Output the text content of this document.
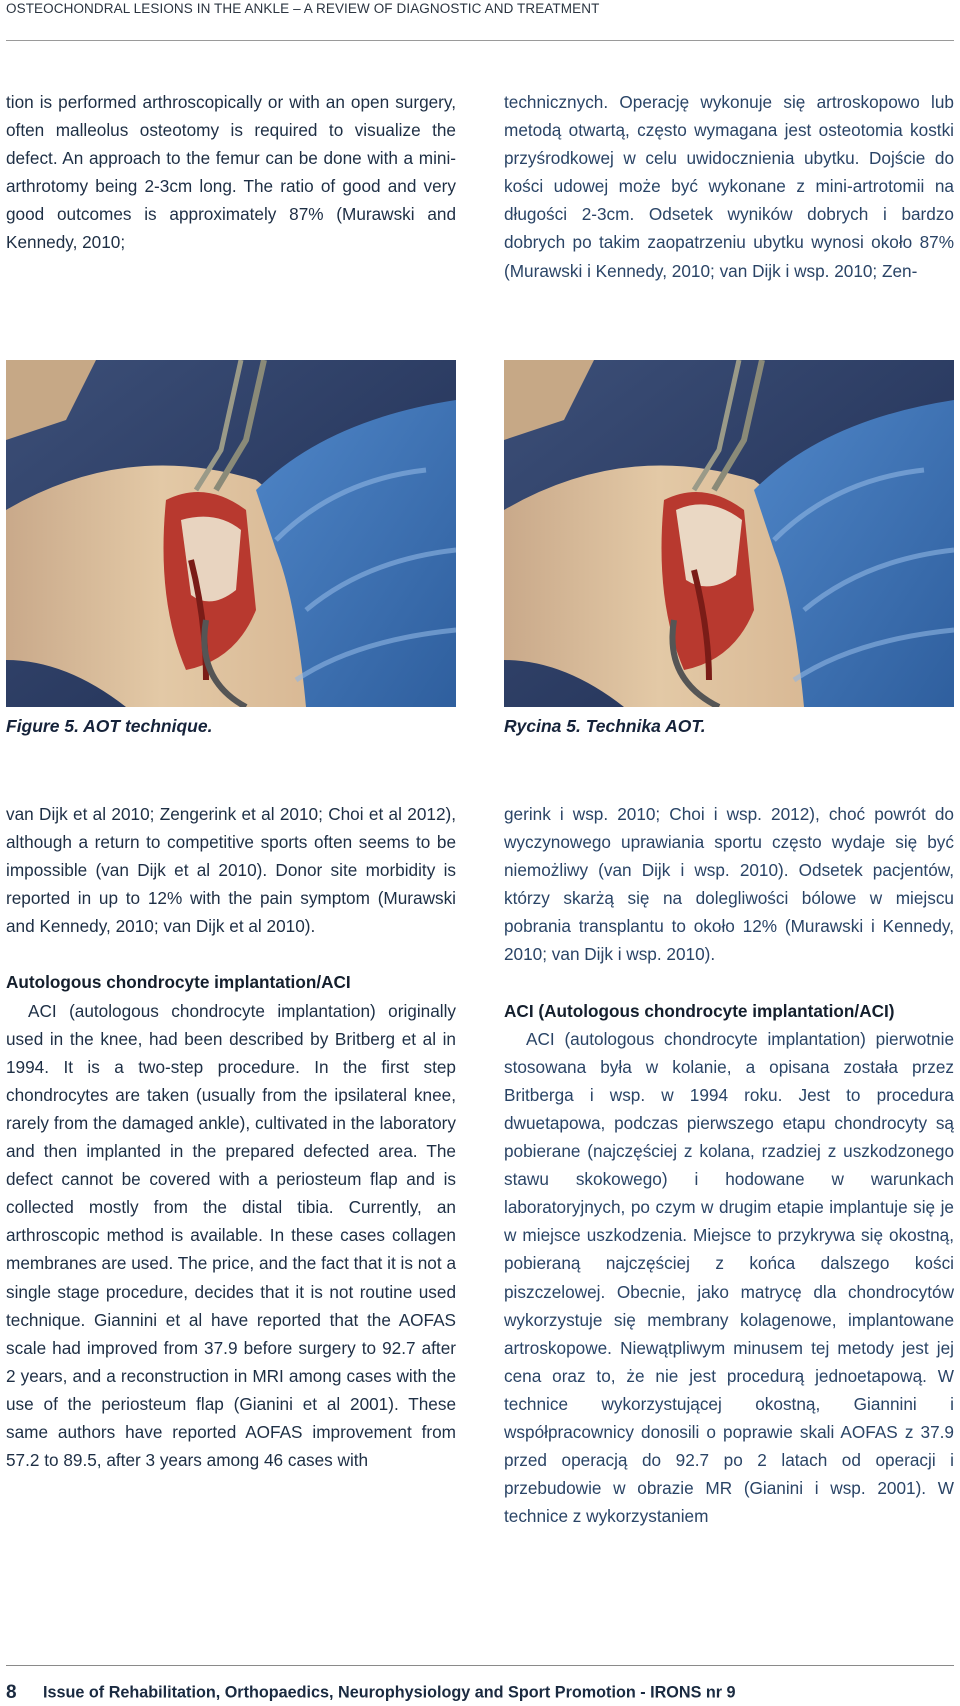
OSTEOCHONDRAL LESIONS IN THE ANKLE – A REVIEW OF DIAGNOSTIC AND TREATMENT

tion is performed arthroscopically or with an open surgery, often malleolus osteotomy is required to visualize the defect. An approach to the femur can be done with a mini-arthrotomy being 2-3cm long. The ratio of good and very good outcomes is approximately 87% (Murawski and Kennedy, 2010;

technicznych. Operację wykonuje się artroskopowo lub metodą otwartą, często wymagana jest osteotomia kostki przyśrodkowej w celu uwidocznienia ubytku. Dojście do kości udowej może być wykonane z mini-artrotomii na długości 2-3cm. Odsetek wyników dobrych i bardzo dobrych po takim zaopatrzeniu ubytku wynosi około 87% (Murawski i Kennedy, 2010; van Dijk i wsp. 2010; Zen-

Figure 5. AOT technique.	Rycina 5. Technika AOT.

van Dijk et al 2010; Zengerink et al 2010; Choi et al 2012), although a return to competitive sports often seems to be impossible (van Dijk et al 2010). Donor site morbidity is reported in up to 12% with the pain symptom (Murawski and Kennedy, 2010; van Dijk et al 2010).

Autologous chondrocyte implantation/ACI

ACI (autologous chondrocyte implantation) originally used in the knee, had been described by Britberg et al in 1994. It is a two-step procedure. In the first step chondrocytes are taken (usually from the ipsilateral knee, rarely from the damaged ankle), cultivated in the laboratory and then implanted in the prepared defected area. The defect cannot be covered with a periosteum flap and is collected mostly from the distal tibia. Currently, an arthroscopic method is available. In these cases collagen membranes are used. The price, and the fact that it is not a single stage procedure, decides that it is not routine used technique. Giannini et al have reported that the AOFAS scale had improved from 37.9 before surgery to 92.7 after 2 years, and a reconstruction in MRI among cases with the use of the periosteum flap (Gianini et al 2001). These same authors have reported AOFAS improvement from 57.2 to 89.5, after 3 years among 46 cases with

gerink i wsp. 2010; Choi i wsp. 2012), choć powrót do wyczynowego uprawiania sportu często wydaje się być niemożliwy (van Dijk i wsp. 2010). Odsetek pacjentów, którzy skarżą się na dolegliwości bólowe w miejscu pobrania transplantu to około 12% (Murawski i Kennedy, 2010; van Dijk i wsp. 2010).

ACI (Autologous chondrocyte implantation/ACI)

ACI (autologous chondrocyte implantation) pierwotnie stosowana była w kolanie, a opisana została przez Britberga i wsp. w 1994 roku. Jest to procedura dwuetapowa, podczas pierwszego etapu chondrocyty są pobierane (najczęściej z kolana, rzadziej z uszkodzonego stawu skokowego) i hodowane w warunkach laboratoryjnych, po czym w drugim etapie implantuje się je w miejsce uszkodzenia. Miejsce to przykrywa się okostną, pobieraną najczęściej z końca dalszego kości piszczelowej. Obecnie, jako matrycę dla chondrocytów wykorzystuje się membrany kolagenowe, implantowane artroskopowe. Niewątpliwym minusem tej metody jest jej cena oraz to, że nie jest procedurą jednoetapową. W technice wykorzystującej okostną, Giannini i współpracownicy donosili o poprawie skali AOFAS z 37.9 przed operacją do 92.7 po 2 latach od operacji i przebudowie w obrazie MR (Gianini i wsp. 2001). W technice z wykorzystaniem

8 Issue of Rehabilitation, Orthopaedics, Neurophysiology and Sport Promotion - IRONS nr 9
